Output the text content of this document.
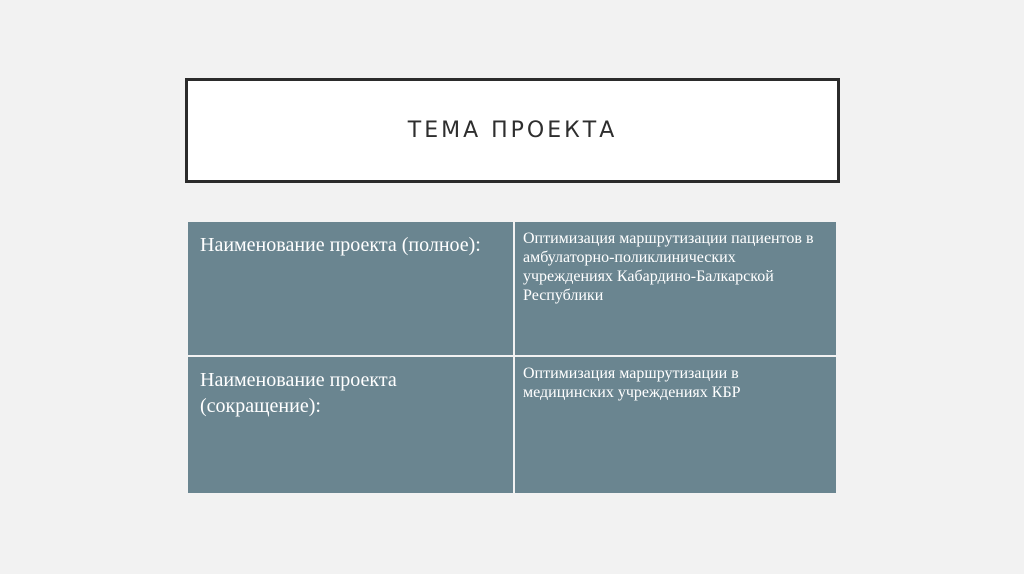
ТЕМА ПРОЕКТА
Наименование проекта (полное):	Оптимизация маршрутизации пациентов в амбулаторно-поликлинических учреждениях Кабардино-Балкарской Республики

Наименование проекта (сокращение):	Оптимизация маршрутизации в медицинских учреждениях КБР
